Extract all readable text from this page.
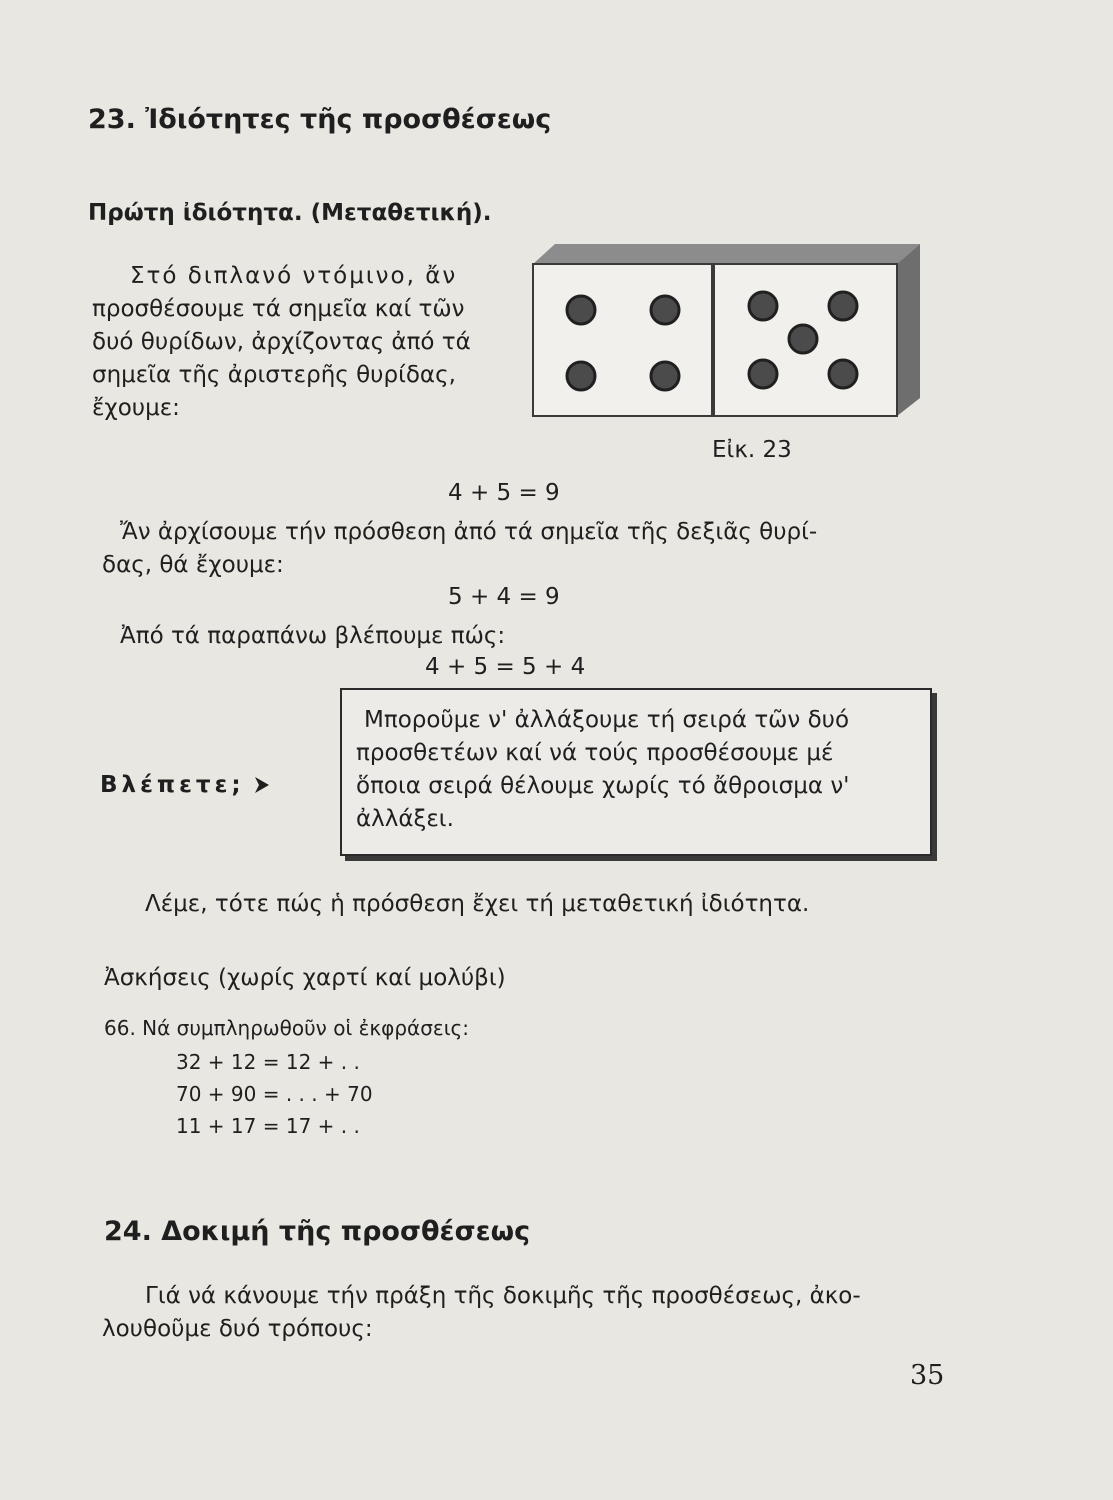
23. Ἰδιότητες τῆς προσθέσεως
Πρώτη ἰδιότητα. (Μεταθετική).
Στό διπλανό ντόμινο, ἄν
προσθέσουμε τά σημεῖα καί τῶν
δυό θυρίδων, ἀρχίζοντας ἀπό τά
σημεῖα τῆς ἀριστερῆς θυρίδας,
ἔχουμε:
Εἰκ. 23
4 + 5 = 9
Ἄν ἀρχίσουμε τήν πρόσθεση ἀπό τά σημεῖα τῆς δεξιᾶς θυρί-
δας, θά ἔχουμε:
5 + 4 = 9
Ἀπό τά παραπάνω βλέπουμε πώς:
4 + 5 = 5 + 4
Βλέπετε;
Μποροῦμε ν' ἀλλάξουμε τή σειρά τῶν δυό
προσθετέων καί νά τούς προσθέσουμε μέ
ὅποια σειρά θέλουμε χωρίς τό ἄθροισμα ν'
ἀλλάξει.
Λέμε, τότε πώς ἡ πρόσθεση ἔχει τή μεταθετική ἰδιότητα.
Ἀσκήσεις (χωρίς χαρτί καί μολύβι)
66. Νά συμπληρωθοῦν οἱ ἐκφράσεις:
32 + 12 = 12 + . .
70 + 90 = . . . + 70
11 + 17 = 17 + . .
24. Δοκιμή τῆς προσθέσεως
Γιά νά κάνουμε τήν πράξη τῆς δοκιμῆς τῆς προσθέσεως, ἀκο-
λουθοῦμε δυό τρόπους:
35
